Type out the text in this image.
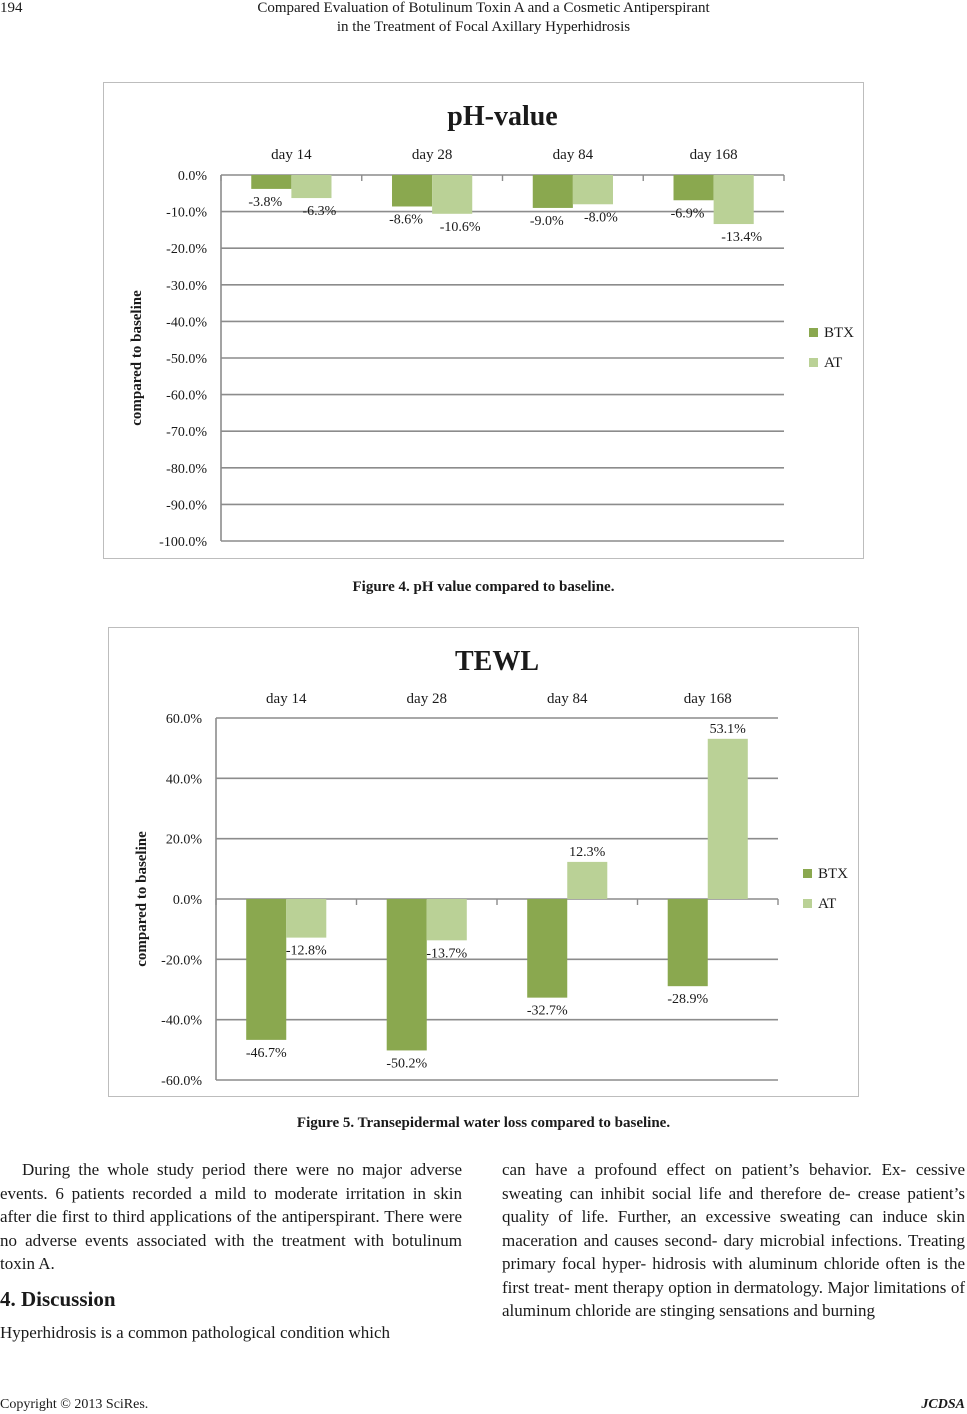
194	Compared Evaluation of Botulinum Toxin A and a Cosmetic Antiperspirant
in the Treatment of Focal Axillary Hyperhidrosis
pH-value
compared to baseline
0.0%
-10.0%
-20.0%
-30.0%
-40.0%
-50.0%
-60.0%
-70.0%
-80.0%
-90.0%
-100.0%
day 14	day 28	day 84	day 168
-3.8%
-8.6%	-9.0%
-6.9%
-6.3%
-10.6%
-8.0%
-13.4%
BTX
AT
Figure 4. pH value compared to baseline.
TEWL
compared to baseline
60.0%
40.0%
20.0%
0.0%
-20.0%
-40.0%
-60.0%
day 14	day 28	day 84	day 168
-46.7%
-50.2%
-32.7%
-28.9%
-12.8%	-13.7%
12.3%
53.1%
BTX
AT
Figure 5. Transepidermal water loss compared to baseline.

During the whole study period there were no major adverse events. 6 patients recorded a mild to moderate irritation in skin after die first to third applications of the antiperspirant. There were no adverse events associated with the treatment with botulinum toxin A.

4. Discussion

Hyperhidrosis is a common pathological condition which

can have a profound effect on patient’s behavior. Ex- cessive sweating can inhibit social life and therefore de- crease patient’s quality of life. Further, an excessive sweating can induce skin maceration and causes second- dary microbial infections. Treating primary focal hyper- hidrosis with aluminum chloride often is the first treat- ment therapy option in dermatology. Major limitations of aluminum chloride are stinging sensations and burning

Copyright © 2013 SciRes.	JCDSA
